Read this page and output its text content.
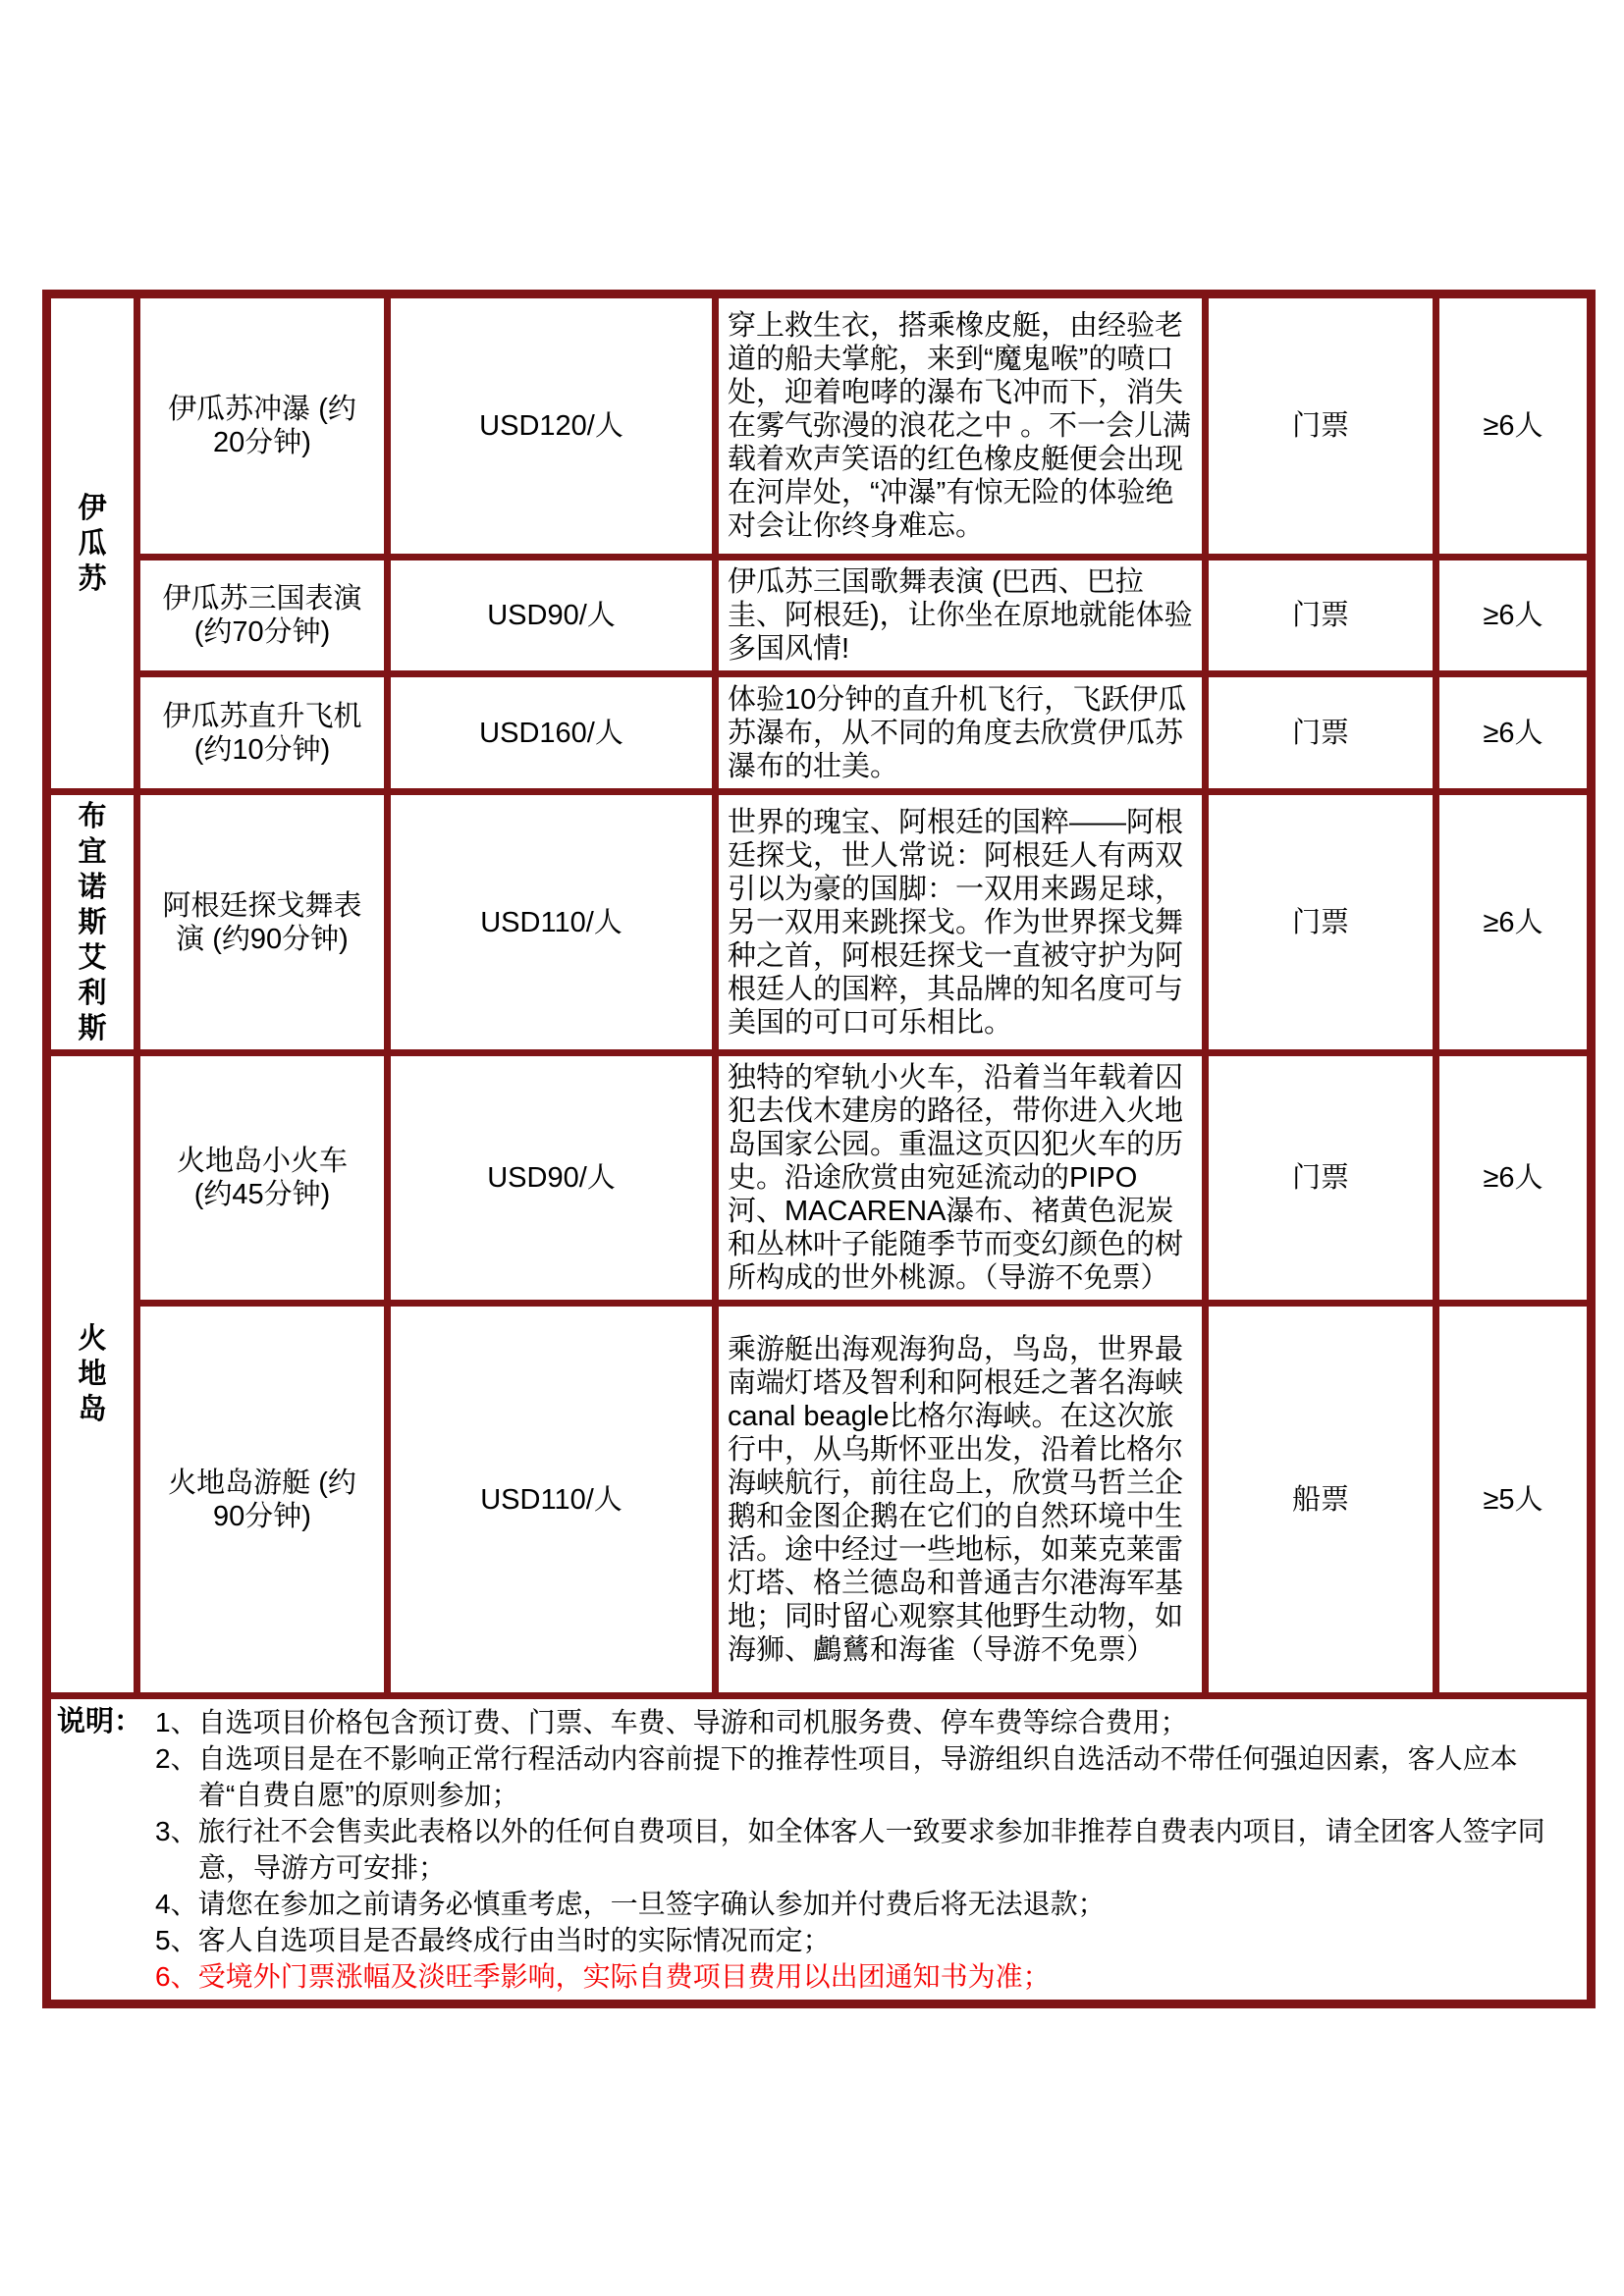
伊瓜苏	伊瓜苏冲瀑 (约20分钟)	USD120/人	穿上救生衣，搭乘橡皮艇，由经验老道的船夫掌舵，来到“魔鬼喉”的喷口处，迎着咆哮的瀑布飞冲而下，消失在雾气弥漫的浪花之中 。不一会儿满载着欢声笑语的红色橡皮艇便会出现在河岸处，“冲瀑”有惊无险的体验绝对会让你终身难忘。	门票	≥6人
	伊瓜苏三国表演 (约70分钟)	USD90/人	伊瓜苏三国歌舞表演 (巴西、巴拉圭、阿根廷)，让你坐在原地就能体验多国风情!	门票	≥6人
	伊瓜苏直升飞机 (约10分钟)	USD160/人	体验10分钟的直升机飞行，飞跃伊瓜苏瀑布，从不同的角度去欣赏伊瓜苏瀑布的壮美。	门票	≥6人

布宜诺斯艾利斯	阿根廷探戈舞表演 (约90分钟)	USD110/人	世界的瑰宝、阿根廷的国粹——阿根廷探戈，世人常说：阿根廷人有两双引以为豪的国脚：一双用来踢足球，另一双用来跳探戈。作为世界探戈舞种之首，阿根廷探戈一直被守护为阿根廷人的国粹，其品牌的知名度可与美国的可口可乐相比。	门票	≥6人

火地岛	火地岛小火车 (约45分钟)	USD90/人	独特的窄轨小火车，沿着当年载着囚犯去伐木建房的路径，带你进入火地岛国家公园。重温这页囚犯火车的历史。沿途欣赏由宛延流动的PIPO河、MACARENA瀑布、褚黄色泥炭和丛林叶子能随季节而变幻颜色的树所构成的世外桃源。（导游不免票）	门票	≥6人
	火地岛游艇 (约90分钟)	USD110/人	乘游艇出海观海狗岛，鸟岛，世界最南端灯塔及智利和阿根廷之著名海峡canal beagle比格尔海峡。在这次旅行中，从乌斯怀亚出发，沿着比格尔海峡航行，前往岛上，欣赏马哲兰企鹅和金图企鹅在它们的自然环境中生活。途中经过一些地标，如莱克莱雷灯塔、格兰德岛和普通吉尔港海军基地；同时留心观察其他野生动物，如海狮、鸕鶿和海雀（导游不免票）	船票	≥5人

说明： 1、自选项目价格包含预订费、门票、车费、导游和司机服务费、停车费等综合费用；
2、自选项目是在不影响正常行程活动内容前提下的推荐性项目，导游组织自选活动不带任何强迫因素，客人应本着“自费自愿”的原则参加；
3、旅行社不会售卖此表格以外的任何自费项目，如全体客人一致要求参加非推荐自费表内项目，请全团客人签字同意，导游方可安排；
4、请您在参加之前请务必慎重考虑，一旦签字确认参加并付费后将无法退款；
5、客人自选项目是否最终成行由当时的实际情况而定；
6、受境外门票涨幅及淡旺季影响，实际自费项目费用以出团通知书为准；
